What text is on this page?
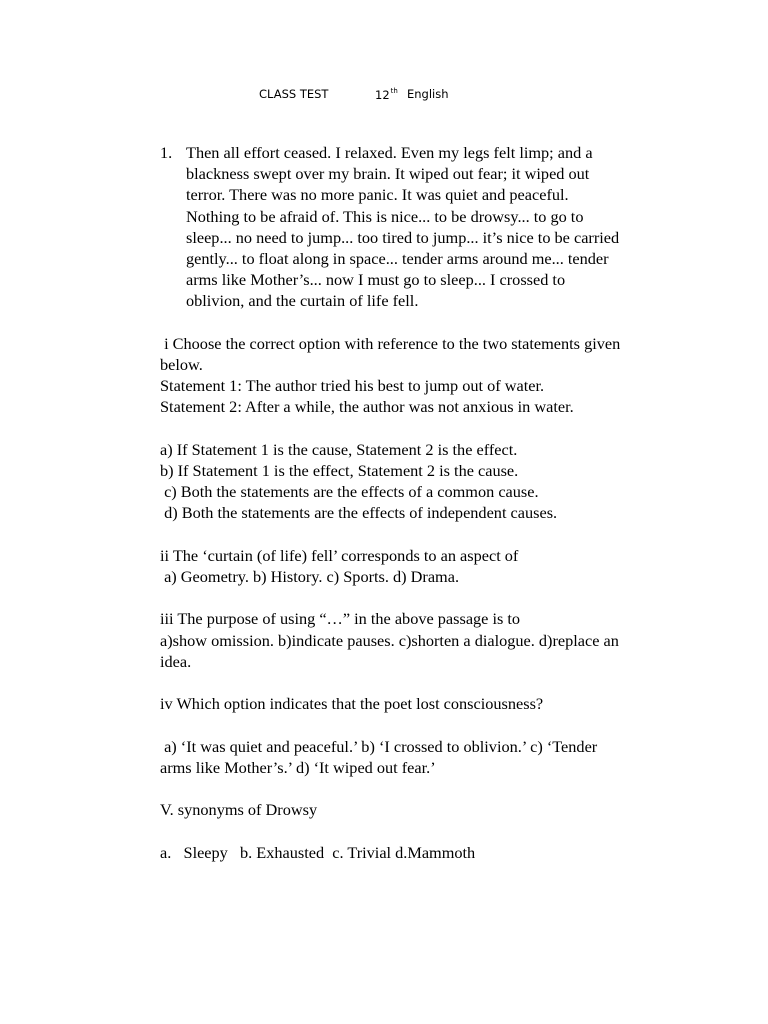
CLASS TEST	12th English
1. Then all effort ceased. I relaxed. Even my legs felt limp; and a
blackness swept over my brain. It wiped out fear; it wiped out
terror. There was no more panic. It was quiet and peaceful.
Nothing to be afraid of. This is nice... to be drowsy... to go to
sleep... no need to jump... too tired to jump... it’s nice to be carried
gently... to float along in space... tender arms around me... tender
arms like Mother’s... now I must go to sleep... I crossed to
oblivion, and the curtain of life fell.
i Choose the correct option with reference to the two statements given
below.
Statement 1: The author tried his best to jump out of water.
Statement 2: After a while, the author was not anxious in water.
a) If Statement 1 is the cause, Statement 2 is the effect.
b) If Statement 1 is the effect, Statement 2 is the cause.
c) Both the statements are the effects of a common cause.
d) Both the statements are the effects of independent causes.
ii The ‘curtain (of life) fell’ corresponds to an aspect of
a) Geometry. b) History. c) Sports. d) Drama.
iii The purpose of using “…” in the above passage is to
a)show omission. b)indicate pauses. c)shorten a dialogue. d)replace an
idea.
iv Which option indicates that the poet lost consciousness?
a) ‘It was quiet and peaceful.’ b) ‘I crossed to oblivion.’ c) ‘Tender
arms like Mother’s.’ d) ‘It wiped out fear.’
V. synonyms of Drowsy
a.   Sleepy   b. Exhausted  c. Trivial d.Mammoth
